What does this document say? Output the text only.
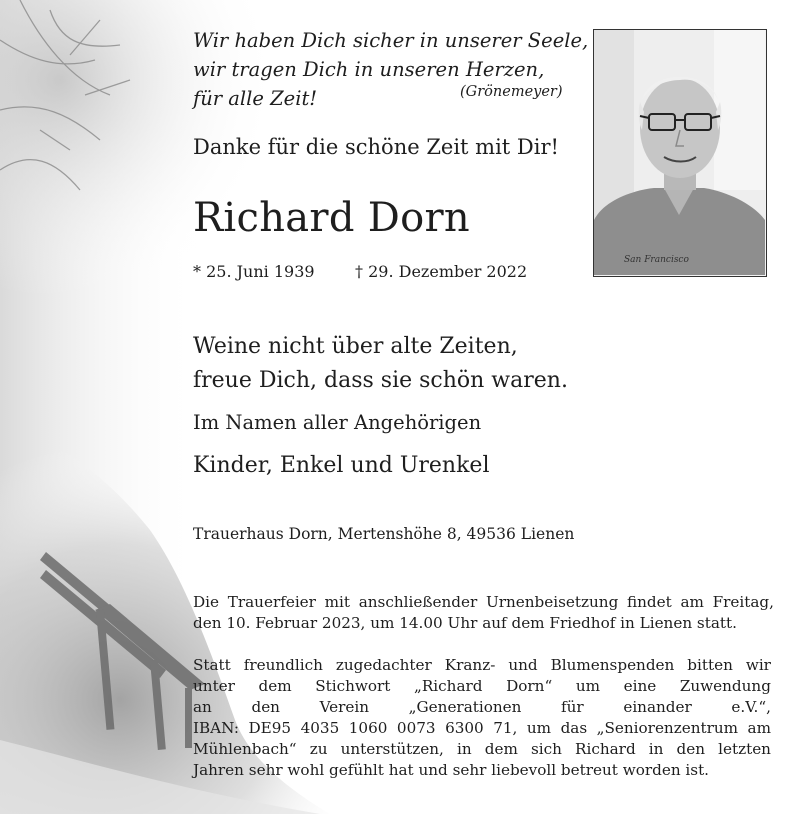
Wir haben Dich sicher in unserer Seele,
wir tragen Dich in unseren Herzen,
für alle Zeit!	(Grönemeyer)
San Francisco
Danke für die schöne Zeit mit Dir!
Richard Dorn
* 25. Juni 1939	† 29. Dezember 2022
Weine nicht über alte Zeiten,
freue Dich, dass sie schön waren.
Im Namen aller Angehörigen
Kinder, Enkel und Urenkel
Trauerhaus Dorn, Mertenshöhe 8, 49536 Lienen
Die Trauerfeier mit anschließender Urnenbeisetzung findet am Freitag,
den 10. Februar 2023, um 14.00 Uhr auf dem Friedhof in Lienen statt.
Statt freundlich zugedachter Kranz- und Blumenspenden bitten wir
unter dem Stichwort „Richard Dorn“ um eine Zuwendung
an	den	Verein	„Generationen	für	einander	e.V.“,
IBAN: DE95 4035 1060 0073 6300 71, um das „Seniorenzentrum am
Mühlenbach“ zu unterstützen, in dem sich Richard in den letzten
Jahren sehr wohl gefühlt hat und sehr liebevoll betreut worden ist.
